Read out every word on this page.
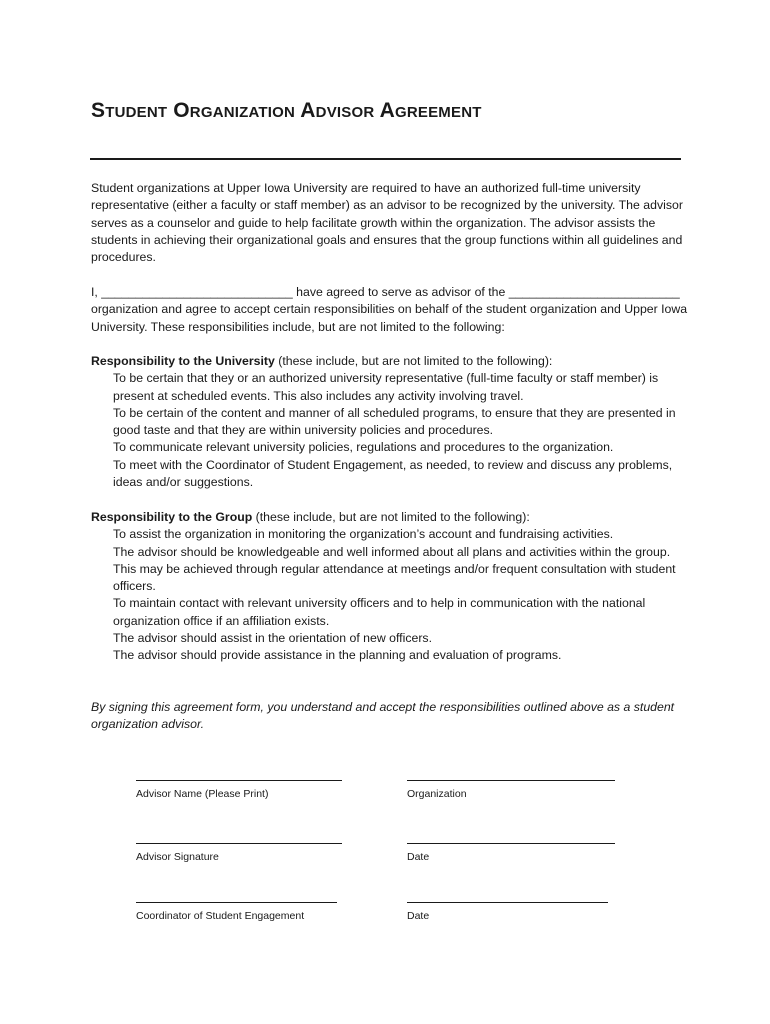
Student Organization Advisor Agreement

Student organizations at Upper Iowa University are required to have an authorized full-time university representative (either a faculty or staff member) as an advisor to be recognized by the university. The advisor serves as a counselor and guide to help facilitate growth within the organization. The advisor assists the students in achieving their organizational goals and ensures that the group functions within all guidelines and procedures.

I, ____________________________ have agreed to serve as advisor of the _________________________ organization and agree to accept certain responsibilities on behalf of the student organization and Upper Iowa University. These responsibilities include, but are not limited to the following:

Responsibility to the University (these include, but are not limited to the following):

To be certain that they or an authorized university representative (full-time faculty or staff member) is present at scheduled events. This also includes any activity involving travel.
To be certain of the content and manner of all scheduled programs, to ensure that they are presented in good taste and that they are within university policies and procedures.
To communicate relevant university policies, regulations and procedures to the organization.
To meet with the Coordinator of Student Engagement, as needed, to review and discuss any problems, ideas and/or suggestions.

Responsibility to the Group (these include, but are not limited to the following):

To assist the organization in monitoring the organization’s account and fundraising activities.
The advisor should be knowledgeable and well informed about all plans and activities within the group. This may be achieved through regular attendance at meetings and/or frequent consultation with student officers.
To maintain contact with relevant university officers and to help in communication with the national organization office if an affiliation exists.
The advisor should assist in the orientation of new officers.
The advisor should provide assistance in the planning and evaluation of programs.

By signing this agreement form, you understand and accept the responsibilities outlined above as a student organization advisor.

Advisor Name (Please Print)	Organization
Advisor Signature	Date
Coordinator of Student Engagement	Date
